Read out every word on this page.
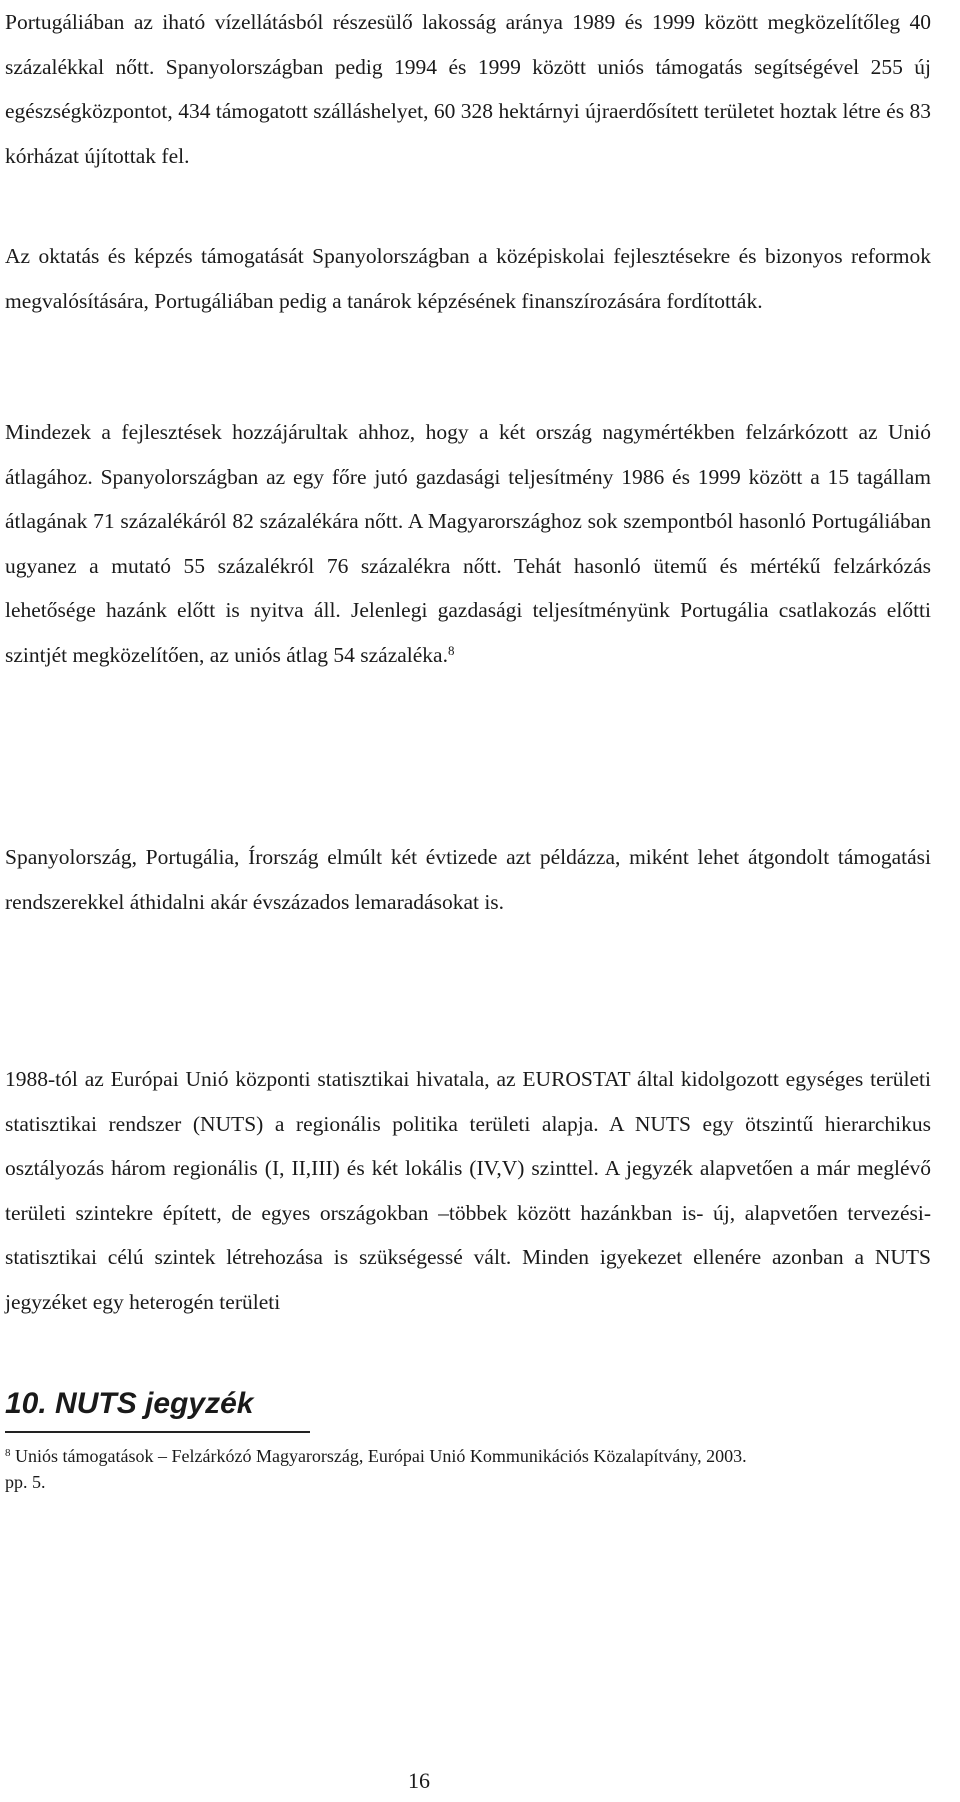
Portugáliában az iható vízellátásból részesülő lakosság aránya 1989 és 1999 között megközelítőleg 40 százalékkal nőtt. Spanyolországban pedig 1994 és 1999 között uniós támogatás segítségével 255 új egészségközpontot, 434 támogatott szálláshelyet, 60 328 hektárnyi újraerdősített területet hoztak létre és 83 kórházat újítottak fel.

Az oktatás és képzés támogatását Spanyolországban a középiskolai fejlesztésekre és bizonyos reformok megvalósítására, Portugáliában pedig a tanárok képzésének finanszírozására fordították.

Mindezek a fejlesztések hozzájárultak ahhoz, hogy a két ország nagymértékben felzárkózott az Unió átlagához. Spanyolországban az egy főre jutó gazdasági teljesítmény 1986 és 1999 között a 15 tagállam átlagának 71 százalékáról 82 százalékára nőtt. A Magyarországhoz sok szempontból hasonló Portugáliában ugyanez a mutató 55 százalékról 76 százalékra nőtt. Tehát hasonló ütemű és mértékű felzárkózás lehetősége hazánk előtt is nyitva áll. Jelenlegi gazdasági teljesítményünk Portugália csatlakozás előtti szintjét megközelítően, az uniós átlag 54 százaléka.$^8$

Spanyolország, Portugália, Írország elmúlt két évtizede azt példázza, miként lehet átgondolt támogatási rendszerekkel áthidalni akár évszázados lemaradásokat is.

10. NUTS jegyzék

1988-tól az Európai Unió központi statisztikai hivatala, az EUROSTAT által kidolgozott egységes területi statisztikai rendszer (NUTS) a regionális politika területi alapja. A NUTS egy ötszintű hierarchikus osztályozás három regionális (I, II,III) és két lokális (IV,V) szinttel. A jegyzék alapvetően a már meglévő területi szintekre épített, de egyes országokban –többek között hazánkban is- új, alapvetően tervezési-statisztikai célú szintek létrehozása is szükségessé vált. Minden igyekezet ellenére azonban a NUTS jegyzéket egy heterogén területi

$^8$ Uniós támogatások – Felzárkózó Magyarország, Európai Unió Kommunikációs Közalapítvány, 2003. pp. 5.

16
